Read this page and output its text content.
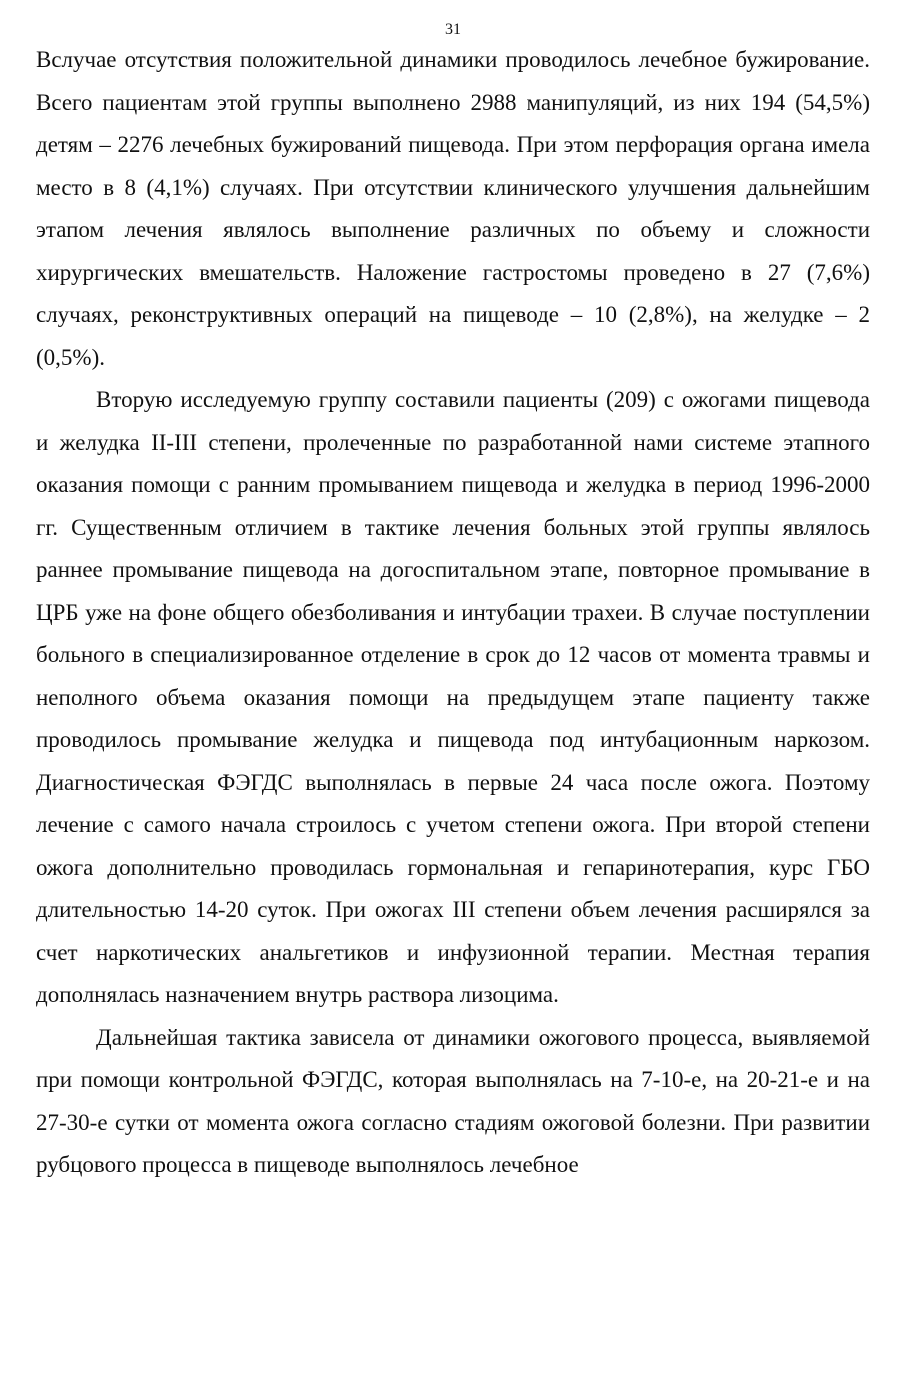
31

Вслучае отсутствия положительной динамики проводилось лечебное бужирование. Всего пациентам этой группы выполнено 2988 манипуляций, из них 194 (54,5%) детям – 2276 лечебных бужирований пищевода. При этом перфорация органа имела место в 8 (4,1%) случаях. При отсутствии клинического улучшения дальнейшим этапом лечения являлось выполнение различных по объему и сложности хирургических вмешательств. Наложение гастростомы проведено в 27 (7,6%) случаях, реконструктивных операций на пищеводе – 10 (2,8%), на желудке – 2 (0,5%).

Вторую исследуемую группу составили пациенты (209) с ожогами пищевода и желудка II-III степени, пролеченные по разработанной нами системе этапного оказания помощи с ранним промыванием пищевода и желудка в период 1996-2000 гг. Существенным отличием в тактике лечения больных этой группы являлось раннее промывание пищевода на догоспитальном этапе, повторное промывание в ЦРБ уже на фоне общего обезболивания и интубации трахеи. В случае поступлении больного в специализированное отделение в срок до 12 часов от момента травмы и неполного объема оказания помощи на предыдущем этапе пациенту также проводилось промывание желудка и пищевода под интубационным наркозом. Диагностическая ФЭГДС выполнялась в первые 24 часа после ожога. Поэтому лечение с самого начала строилось с учетом степени ожога. При второй степени ожога дополнительно проводилась гормональная и гепаринотерапия, курс ГБО длительностью 14-20 суток. При ожогах III степени объем лечения расширялся за счет наркотических анальгетиков и инфузионной терапии. Местная терапия дополнялась назначением внутрь раствора лизоцима.

Дальнейшая тактика зависела от динамики ожогового процесса, выявляемой при помощи контрольной ФЭГДС, которая выполнялась на 7-10-е, на 20-21-е и на 27-30-е сутки от момента ожога согласно стадиям ожоговой болезни. При развитии рубцового процесса в пищеводе выполнялось лечебное
